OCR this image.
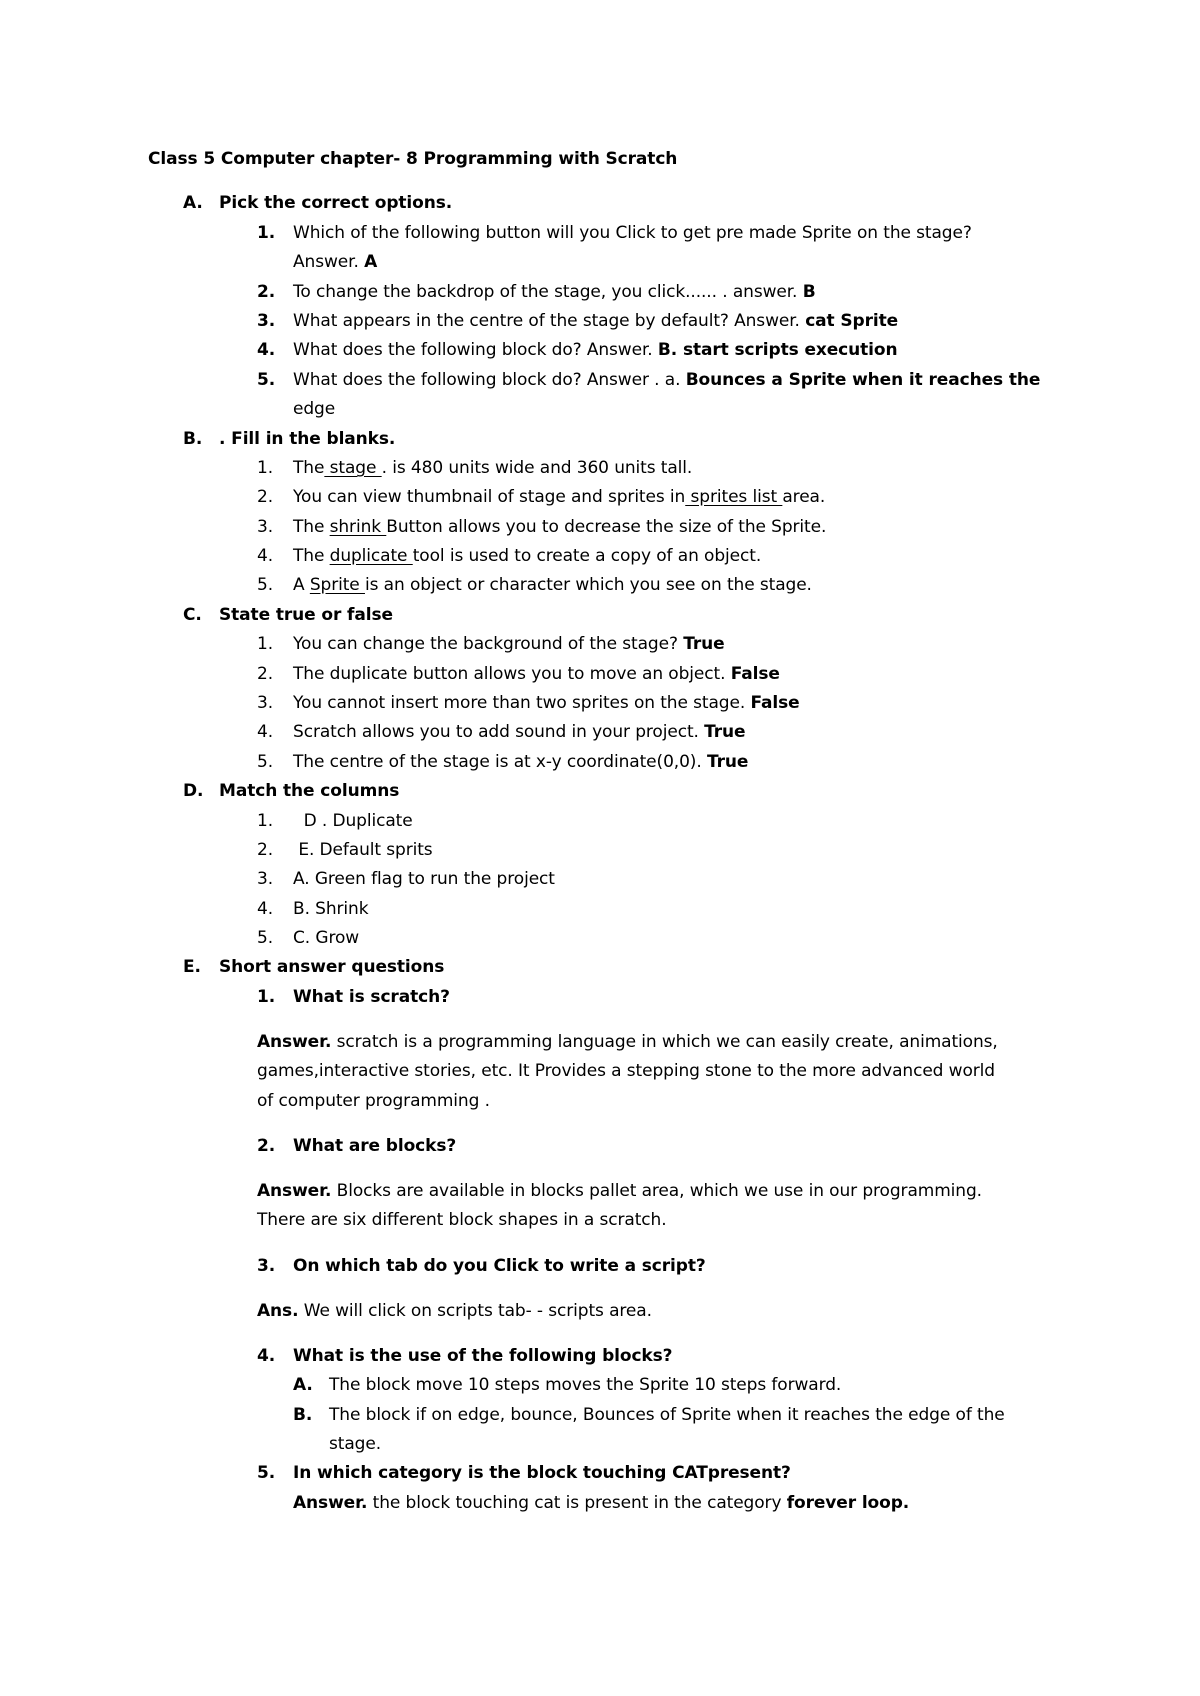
Class 5 Computer chapter- 8 Programming with Scratch
A. Pick the correct options.
1. Which of the following button will you Click to get pre made Sprite on the stage?
Answer. A
2. To change the backdrop of the stage, you click...... . answer. B
3. What appears in the centre of the stage by default? Answer. cat Sprite
4. What does the following block do? Answer. B. start scripts execution
5. What does the following block do? Answer . a. Bounces a Sprite when it reaches the
edge
B. . Fill in the blanks.
1. The stage . is 480 units wide and 360 units tall.
2. You can view thumbnail of stage and sprites in sprites list area.
3. The shrink Button allows you to decrease the size of the Sprite.
4. The duplicate tool is used to create a copy of an object.
5. A Sprite is an object or character which you see on the stage.
C. State true or false
1. You can change the background of the stage? True
2. The duplicate button allows you to move an object. False
3. You cannot insert more than two sprites on the stage. False
4. Scratch allows you to add sound in your project. True
5. The centre of the stage is at x-y coordinate(0,0). True
D. Match the columns
1. D . Duplicate
2. E. Default sprits
3. A. Green flag to run the project
4. B. Shrink
5. C. Grow
E. Short answer questions
1. What is scratch?
Answer. scratch is a programming language in which we can easily create, animations,
games,interactive stories, etc. It Provides a stepping stone to the more advanced world
of computer programming .
2. What are blocks?
Answer. Blocks are available in blocks pallet area, which we use in our programming.
There are six different block shapes in a scratch.
3. On which tab do you Click to write a script?
Ans. We will click on scripts tab- - scripts area.
4. What is the use of the following blocks?
A. The block move 10 steps moves the Sprite 10 steps forward.
B. The block if on edge, bounce, Bounces of Sprite when it reaches the edge of the
stage.
5. In which category is the block touching CATpresent?
Answer. the block touching cat is present in the category forever loop.
